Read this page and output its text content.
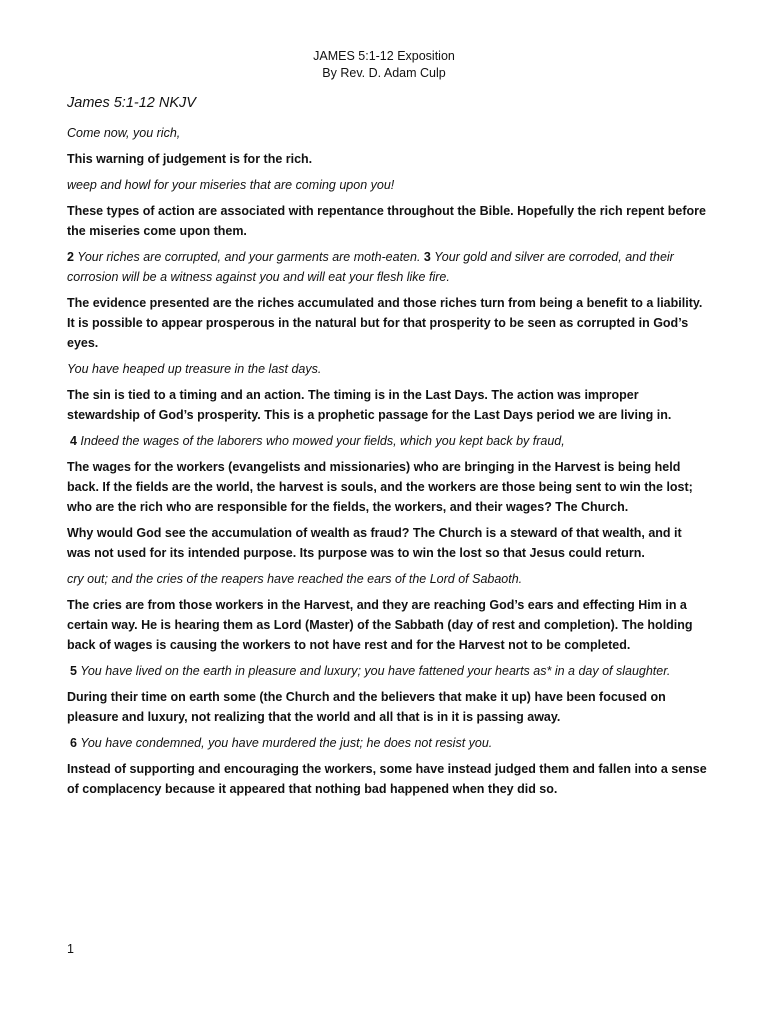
JAMES 5:1-12 Exposition
By Rev. D. Adam Culp

James 5:1-12 NKJV

Come now, you rich,

This warning of judgement is for the rich.

weep and howl for your miseries that are coming upon you!

These types of action are associated with repentance throughout the Bible. Hopefully the rich repent before the miseries come upon them.

2 Your riches are corrupted, and your garments are moth-eaten. 3 Your gold and silver are corroded, and their corrosion will be a witness against you and will eat your flesh like fire.

The evidence presented are the riches accumulated and those riches turn from being a benefit to a liability. It is possible to appear prosperous in the natural but for that prosperity to be seen as corrupted in God’s eyes.

You have heaped up treasure in the last days.

The sin is tied to a timing and an action. The timing is in the Last Days. The action was improper stewardship of God’s prosperity. This is a prophetic passage for the Last Days period we are living in.

4 Indeed the wages of the laborers who mowed your fields, which you kept back by fraud,

The wages for the workers (evangelists and missionaries) who are bringing in the Harvest is being held back. If the fields are the world, the harvest is souls, and the workers are those being sent to win the lost; who are the rich who are responsible for the fields, the workers, and their wages? The Church.

Why would God see the accumulation of wealth as fraud? The Church is a steward of that wealth, and it was not used for its intended purpose. Its purpose was to win the lost so that Jesus could return.

cry out; and the cries of the reapers have reached the ears of the Lord of Sabaoth.

The cries are from those workers in the Harvest, and they are reaching God’s ears and effecting Him in a certain way. He is hearing them as Lord (Master) of the Sabbath (day of rest and completion). The holding back of wages is causing the workers to not have rest and for the Harvest not to be completed.

5 You have lived on the earth in pleasure and luxury; you have fattened your hearts as* in a day of slaughter.

During their time on earth some (the Church and the believers that make it up) have been focused on pleasure and luxury, not realizing that the world and all that is in it is passing away.

6 You have condemned, you have murdered the just; he does not resist you.

Instead of supporting and encouraging the workers, some have instead judged them and fallen into a sense of complacency because it appeared that nothing bad happened when they did so.

1
